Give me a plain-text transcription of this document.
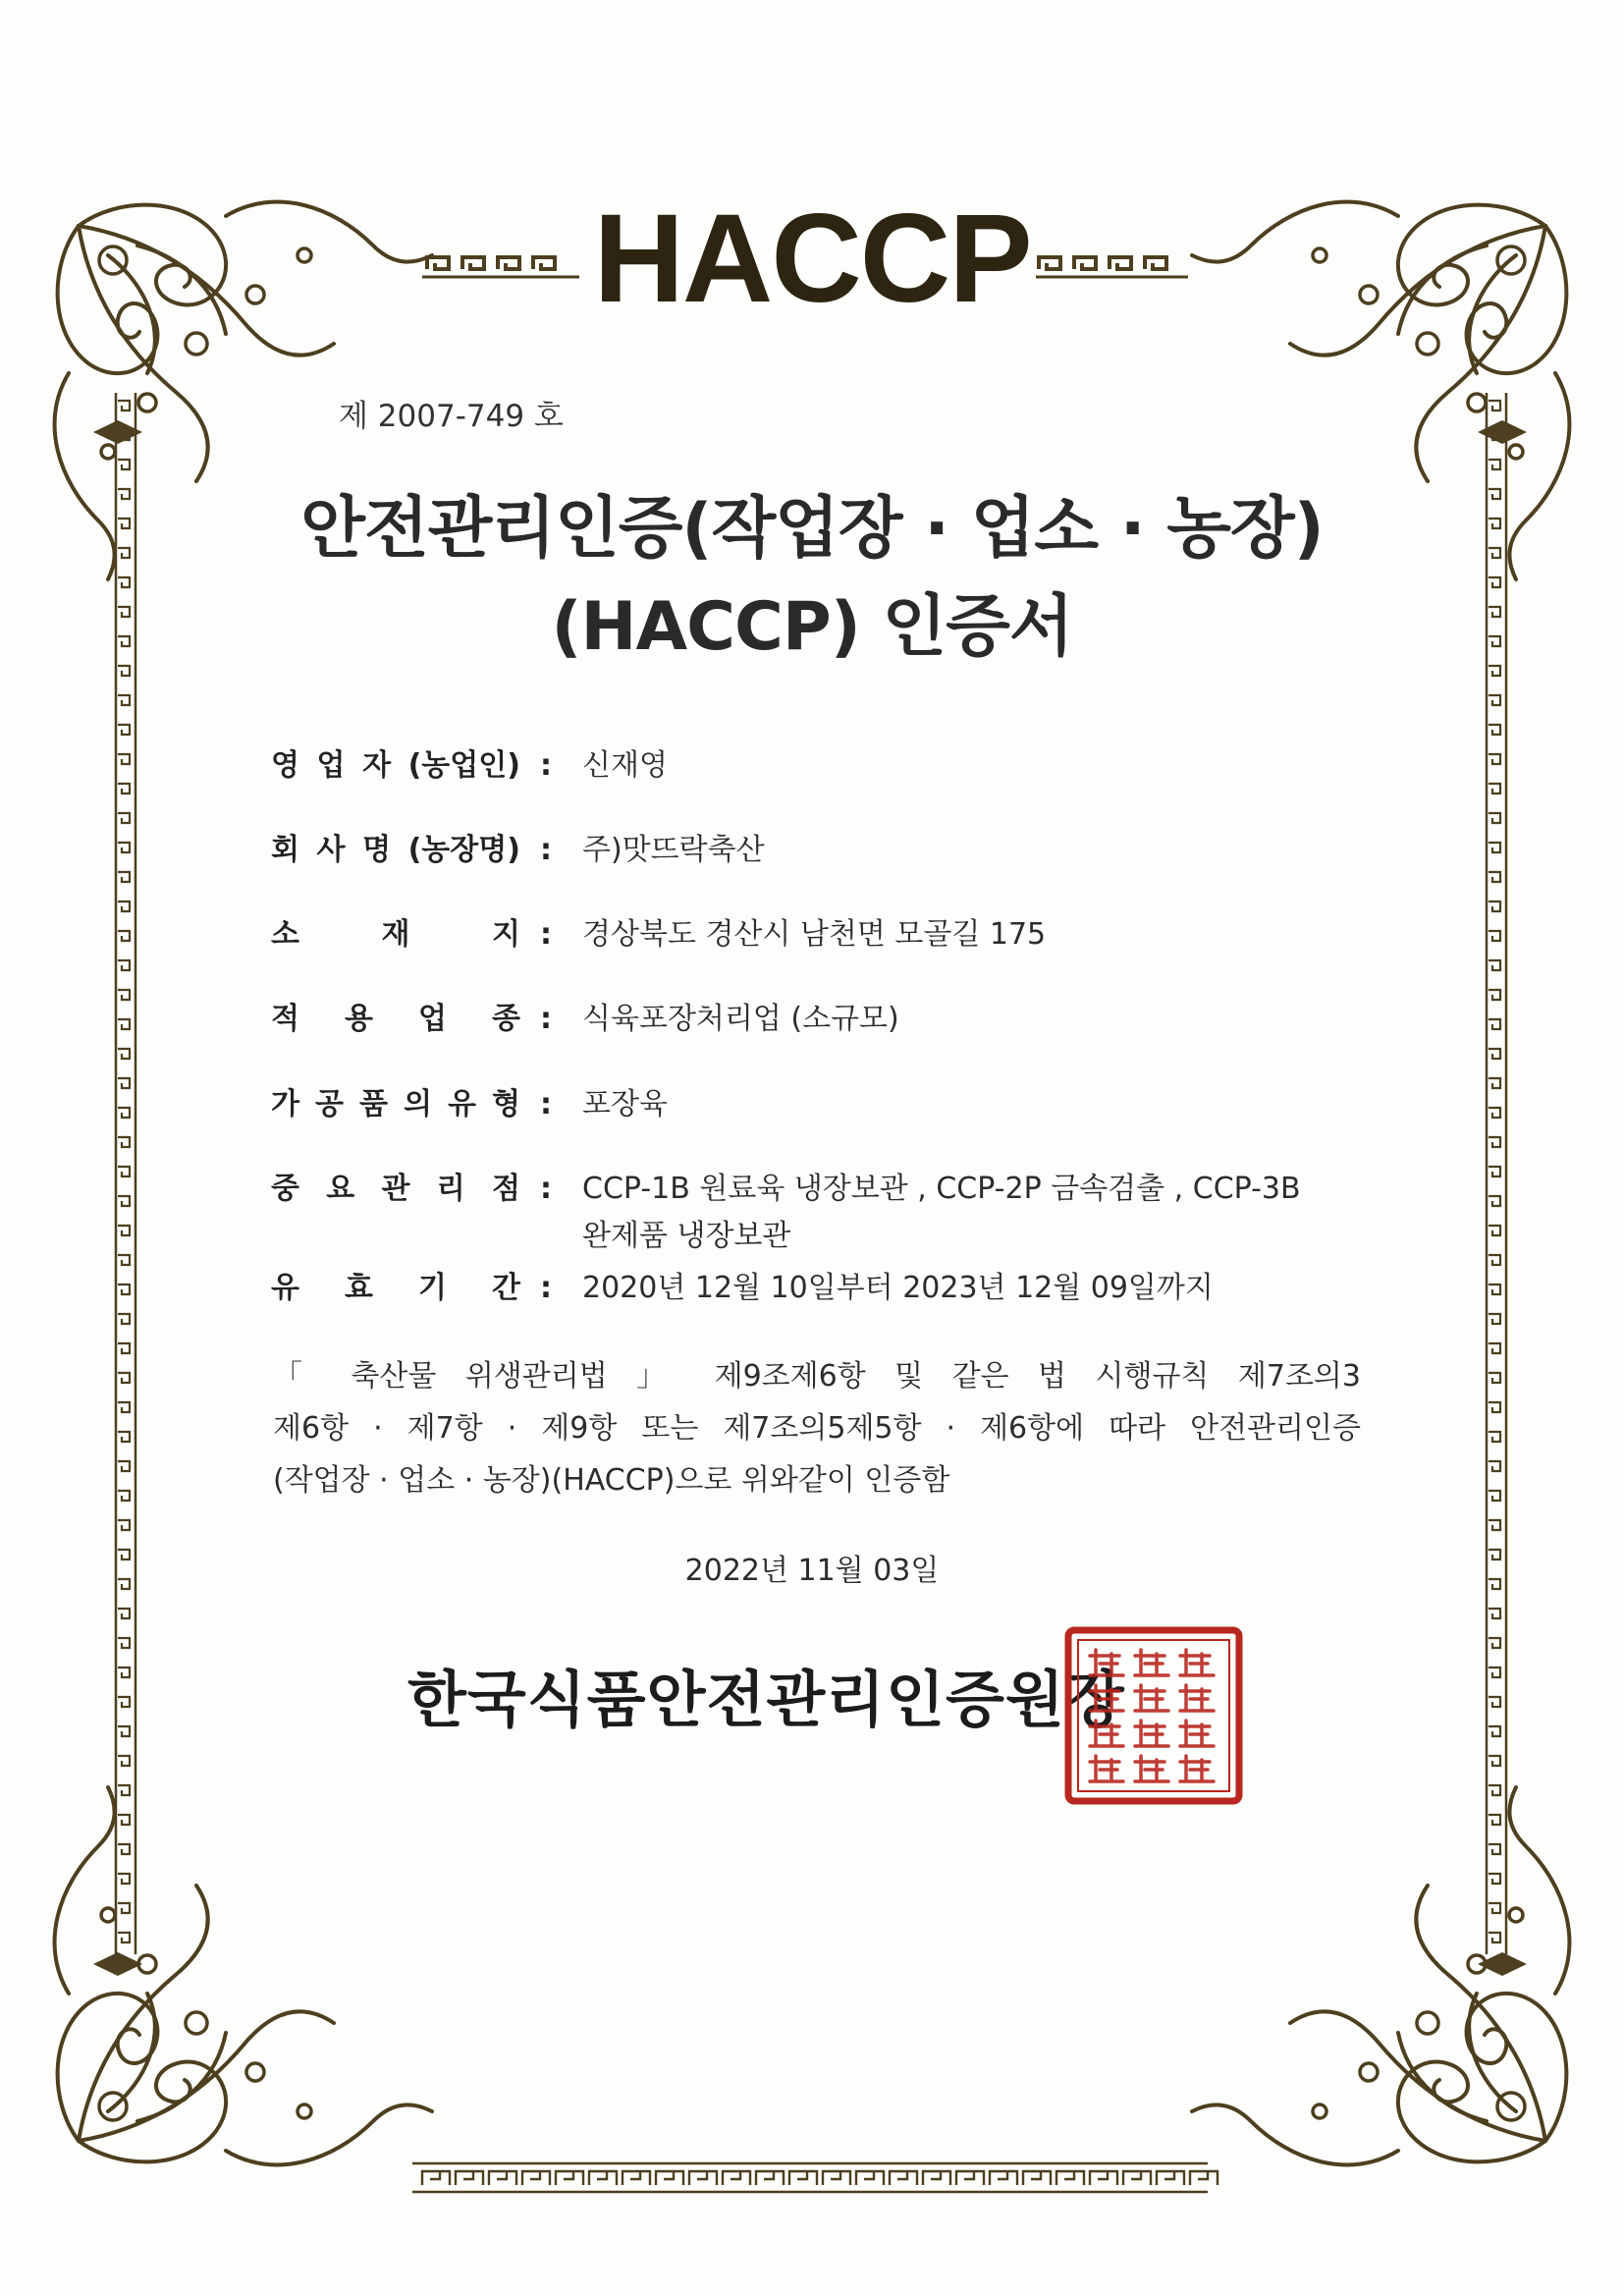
HACCP
제 2007-749 호
안전관리인증(작업장 · 업소 · 농장)
(HACCP) 인증서
영 업 자 (농업인) : 신재영
회 사 명 (농장명) : 주)맛뜨락축산
소	재	지 : 경상북도 경산시 남천면 모골길 175
적 용 업 종 : 식육포장처리업 (소규모)
가 공 품 의 유 형 : 포장육
중 요 관 리 점 : CCP-1B 원료육 냉장보관 , CCP-2P 금속검출 , CCP-3B
완제품 냉장보관
유 효 기 간 : 2020년 12월 10일부터 2023년 12월 09일까지
「 축산물 위생관리법 」 제9조제6항 및 같은 법 시행규칙 제7조의3
제6항 · 제7항 · 제9항 또는 제7조의5제5항 · 제6항에 따라 안전관리인증
(작업장 · 업소 · 농장)(HACCP)으로 위와같이 인증함
2022년 11월 03일
한국식품안전관리인증원장
